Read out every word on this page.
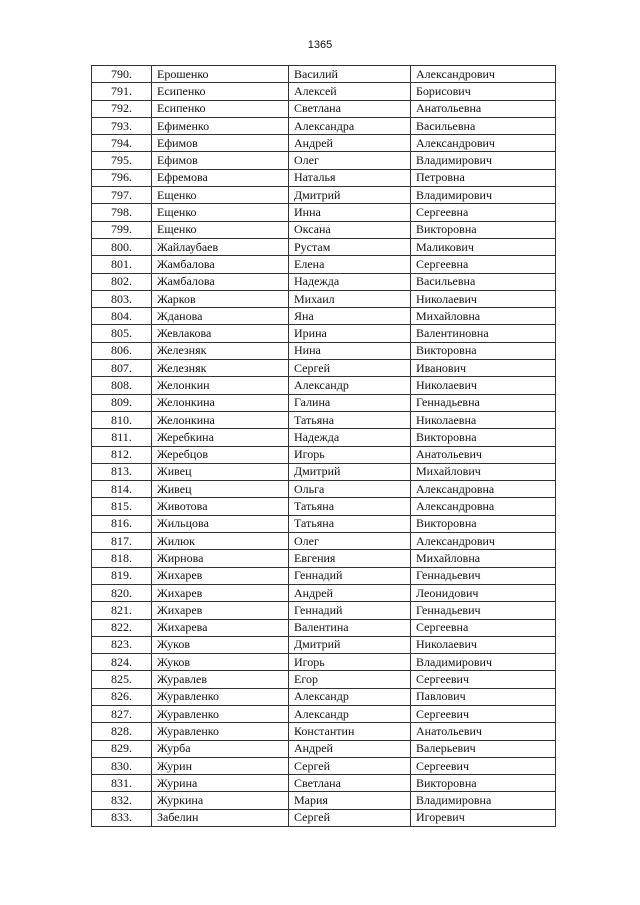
1365
790.	Ерошенко	Василий	Александрович
791.	Есипенко	Алексей	Борисович
792.	Есипенко	Светлана	Анатольевна
793.	Ефименко	Александра	Васильевна
794.	Ефимов	Андрей	Александрович
795.	Ефимов	Олег	Владимирович
796.	Ефремова	Наталья	Петровна
797.	Ещенко	Дмитрий	Владимирович
798.	Ещенко	Инна	Сергеевна
799.	Ещенко	Оксана	Викторовна
800.	Жайлаубаев	Рустам	Маликович
801.	Жамбалова	Елена	Сергеевна
802.	Жамбалова	Надежда	Васильевна
803.	Жарков	Михаил	Николаевич
804.	Жданова	Яна	Михайловна
805.	Жевлакова	Ирина	Валентиновна
806.	Железняк	Нина	Викторовна
807.	Железняк	Сергей	Иванович
808.	Желонкин	Александр	Николаевич
809.	Желонкина	Галина	Геннадьевна
810.	Желонкина	Татьяна	Николаевна
811.	Жеребкина	Надежда	Викторовна
812.	Жеребцов	Игорь	Анатольевич
813.	Живец	Дмитрий	Михайлович
814.	Живец	Ольга	Александровна
815.	Животова	Татьяна	Александровна
816.	Жильцова	Татьяна	Викторовна
817.	Жилюк	Олег	Александрович
818.	Жирнова	Евгения	Михайловна
819.	Жихарев	Геннадий	Геннадьевич
820.	Жихарев	Андрей	Леонидович
821.	Жихарев	Геннадий	Геннадьевич
822.	Жихарева	Валентина	Сергеевна
823.	Жуков	Дмитрий	Николаевич
824.	Жуков	Игорь	Владимирович
825.	Журавлев	Егор	Сергеевич
826.	Журавленко	Александр	Павлович
827.	Журавленко	Александр	Сергеевич
828.	Журавленко	Константин	Анатольевич
829.	Журба	Андрей	Валерьевич
830.	Журин	Сергей	Сергеевич
831.	Журина	Светлана	Викторовна
832.	Журкина	Мария	Владимировна
833.	Забелин	Сергей	Игоревич
